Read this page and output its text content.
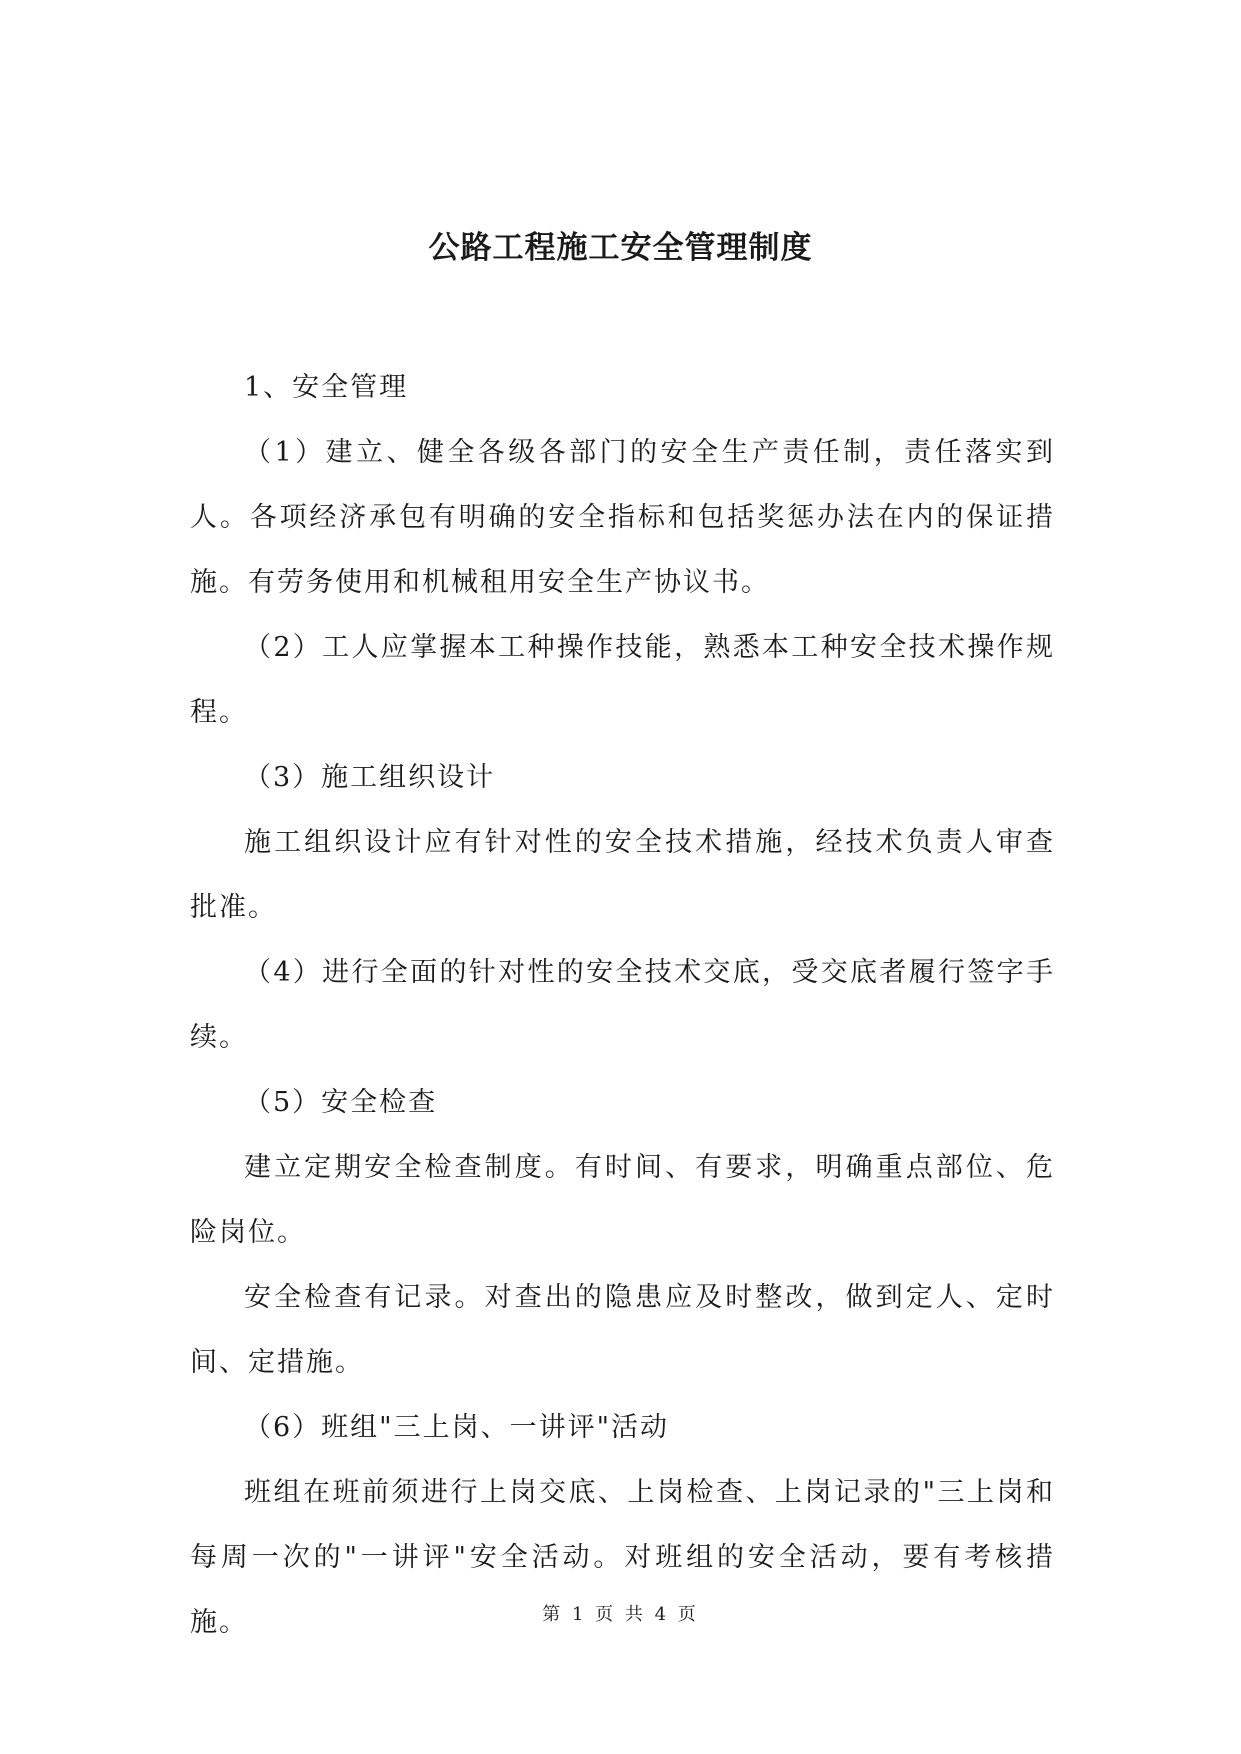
公路工程施工安全管理制度

1、安全管理

（1）建立、健全各级各部门的安全生产责任制，责任落实到人。各项经济承包有明确的安全指标和包括奖惩办法在内的保证措施。有劳务使用和机械租用安全生产协议书。

（2）工人应掌握本工种操作技能，熟悉本工种安全技术操作规程。

（3）施工组织设计

施工组织设计应有针对性的安全技术措施，经技术负责人审查批准。

（4）进行全面的针对性的安全技术交底，受交底者履行签字手续。

（5）安全检查

建立定期安全检查制度。有时间、有要求，明确重点部位、危险岗位。

安全检查有记录。对查出的隐患应及时整改，做到定人、定时间、定措施。

（6）班组"三上岗、一讲评"活动

班组在班前须进行上岗交底、上岗检查、上岗记录的"三上岗和每周一次的"一讲评"安全活动。对班组的安全活动，要有考核措施。	第 1 页 共 4 页
